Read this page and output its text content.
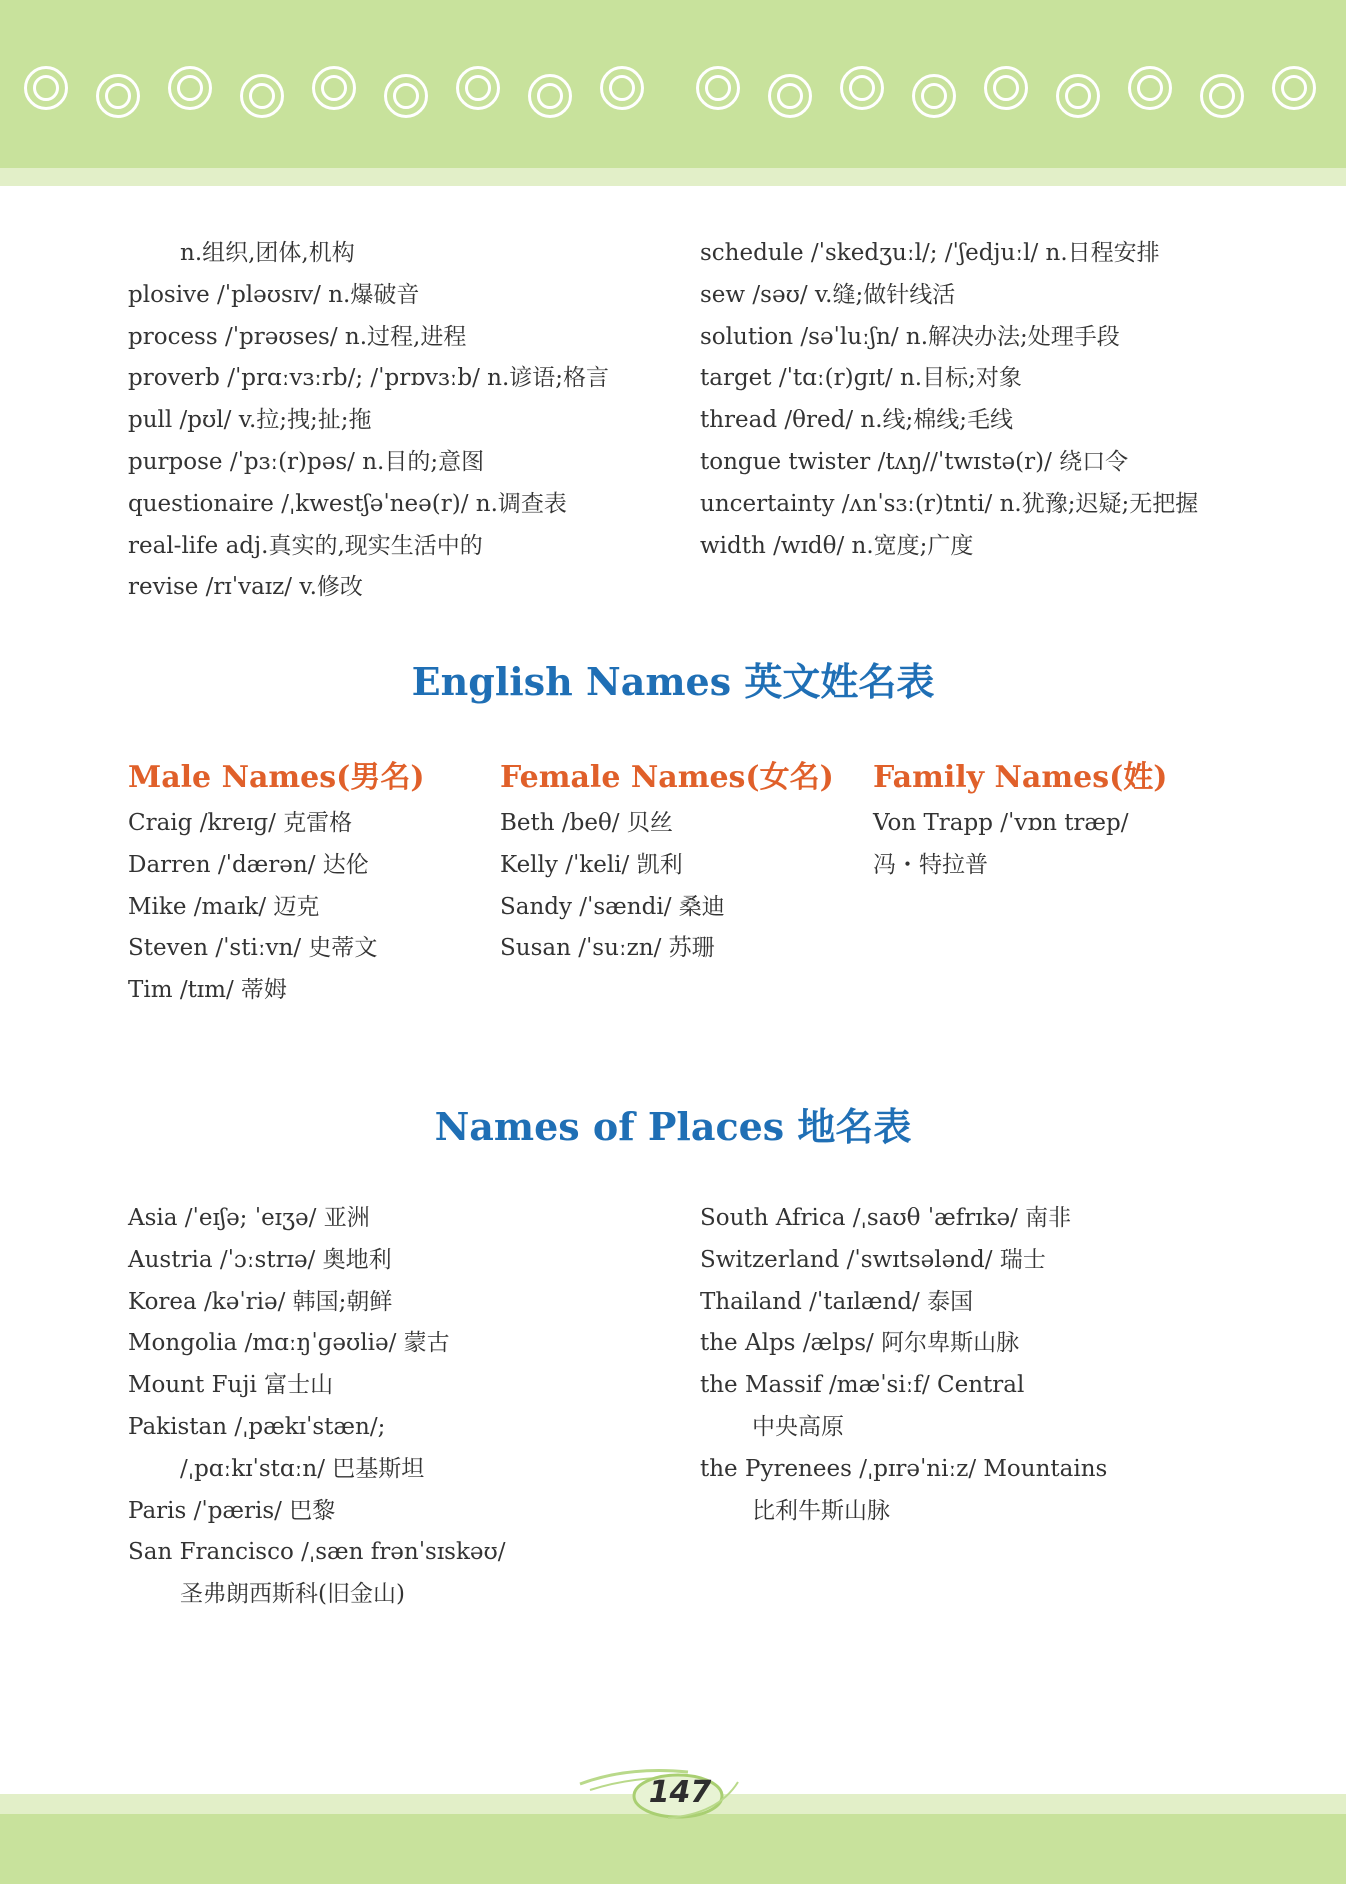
n.组织,团体,机构
plosive /ˈpləʊsɪv/ n.爆破音
process /ˈprəʊses/ n.过程,进程
proverb /ˈprɑːvɜːrb/; /ˈprɒvɜːb/ n.谚语;格言
pull /pʊl/ v.拉;拽;扯;拖
purpose /ˈpɜː(r)pəs/ n.目的;意图
questionaire /ˌkwestʃəˈneə(r)/ n.调查表
real-life adj.真实的,现实生活中的
revise /rɪˈvaɪz/ v.修改
schedule /ˈskedʒuːl/; /ˈʃedjuːl/ n.日程安排
sew /səʊ/ v.缝;做针线活
solution /səˈluːʃn/ n.解决办法;处理手段
target /ˈtɑː(r)ɡɪt/ n.目标;对象
thread /θred/ n.线;棉线;毛线
tongue twister /tʌŋ//ˈtwɪstə(r)/ 绕口令
uncertainty /ʌnˈsɜː(r)tnti/ n.犹豫;迟疑;无把握
width /wɪdθ/ n.宽度;广度
English Names 英文姓名表
Male Names(男名)
Craig /kreɪɡ/ 克雷格
Darren /ˈdærən/ 达伦
Mike /maɪk/ 迈克
Steven /ˈstiːvn/ 史蒂文
Tim /tɪm/ 蒂姆
Female Names(女名)
Beth /beθ/ 贝丝
Kelly /ˈkeli/ 凯利
Sandy /ˈsændi/ 桑迪
Susan /ˈsuːzn/ 苏珊
Family Names(姓)
Von Trapp /ˈvɒn træp/
冯・特拉普
Names of Places 地名表
Asia /ˈeɪʃə; ˈeɪʒə/ 亚洲
Austria /ˈɔːstrɪə/ 奥地利
Korea /kəˈriə/ 韩国;朝鲜
Mongolia /mɑːŋˈɡəʊliə/ 蒙古
Mount Fuji 富士山
Pakistan /ˌpækɪˈstæn/;
/ˌpɑːkɪˈstɑːn/ 巴基斯坦
Paris /ˈpæris/ 巴黎
San Francisco /ˌsæn frənˈsɪskəʊ/
圣弗朗西斯科(旧金山)
South Africa /ˌsaʊθ ˈæfrɪkə/ 南非
Switzerland /ˈswɪtsələnd/ 瑞士
Thailand /ˈtaɪlænd/ 泰国
the Alps /ælps/ 阿尔卑斯山脉
the Massif /mæˈsiːf/ Central
中央高原
the Pyrenees /ˌpɪrəˈniːz/ Mountains
比利牛斯山脉
147
